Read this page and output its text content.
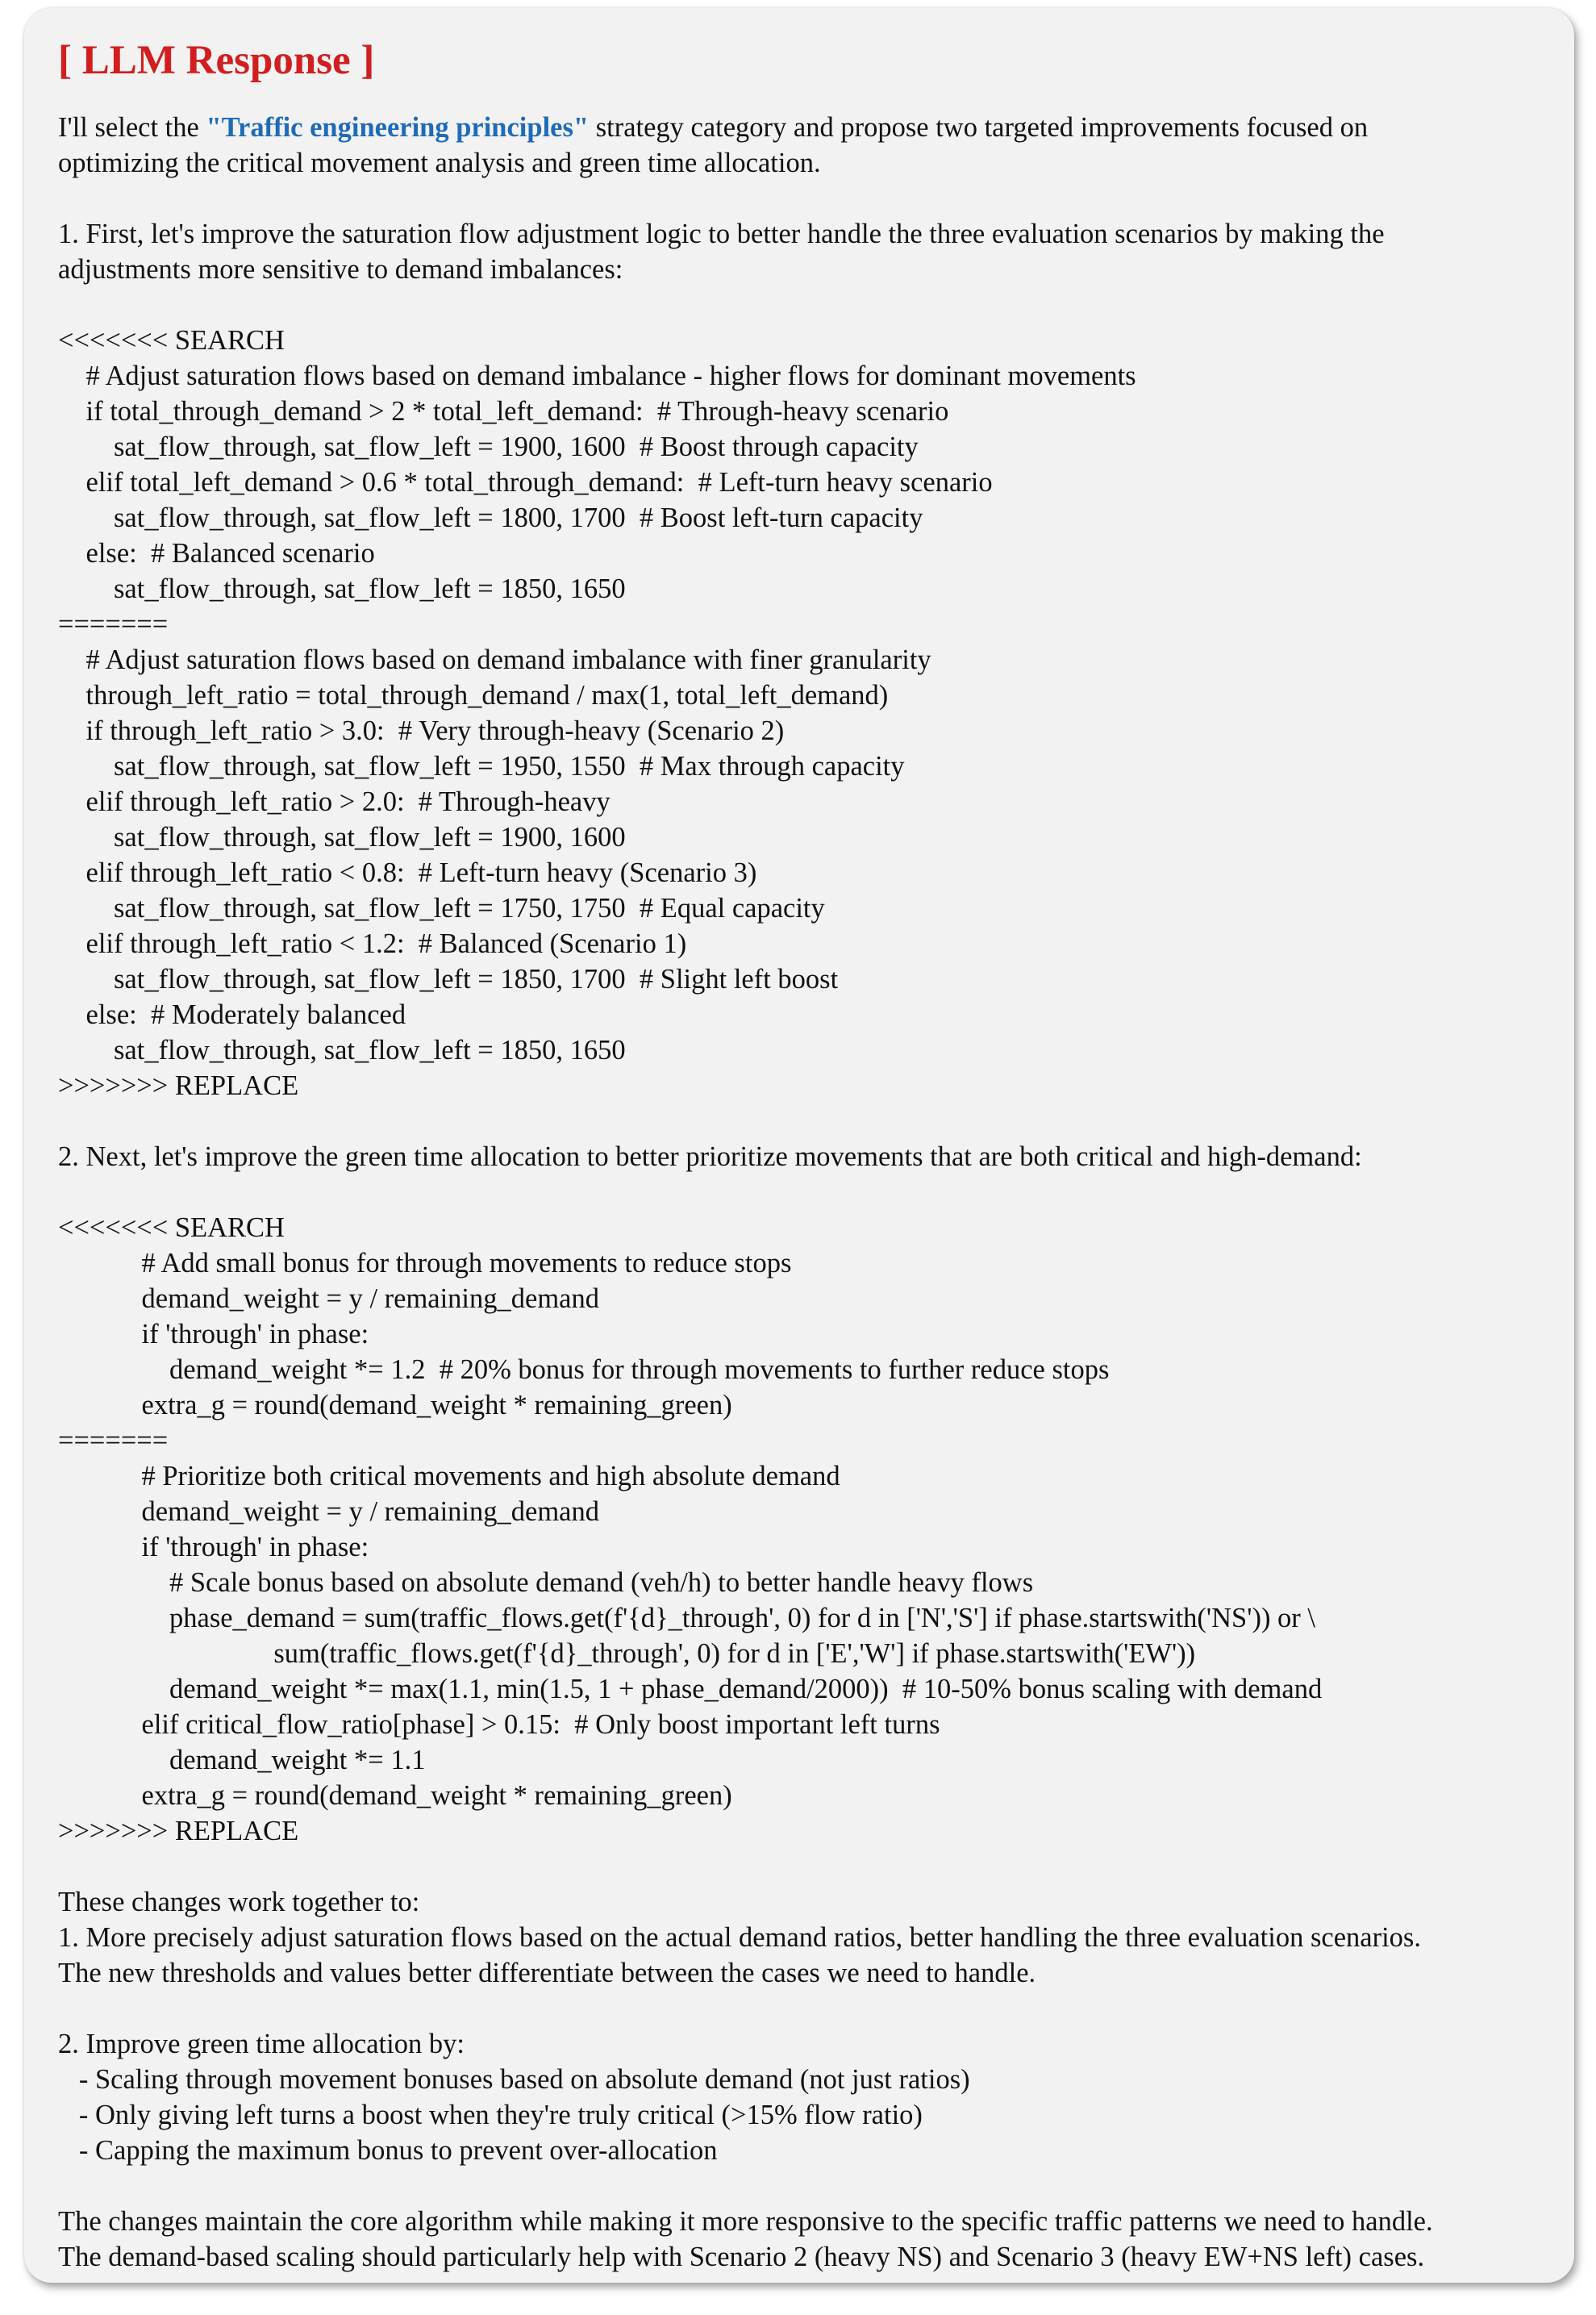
[ LLM Response ]
I'll select the "Traffic engineering principles" strategy category and propose two targeted improvements focused on
optimizing the critical movement analysis and green time allocation.
1. First, let's improve the saturation flow adjustment logic to better handle the three evaluation scenarios by making the
adjustments more sensitive to demand imbalances:
<<<<<<< SEARCH
# Adjust saturation flows based on demand imbalance - higher flows for dominant movements
if total_through_demand > 2 * total_left_demand:  # Through-heavy scenario
sat_flow_through, sat_flow_left = 1900, 1600  # Boost through capacity
elif total_left_demand > 0.6 * total_through_demand:  # Left-turn heavy scenario
sat_flow_through, sat_flow_left = 1800, 1700  # Boost left-turn capacity
else:  # Balanced scenario
sat_flow_through, sat_flow_left = 1850, 1650
=======
# Adjust saturation flows based on demand imbalance with finer granularity
through_left_ratio = total_through_demand / max(1, total_left_demand)
if through_left_ratio > 3.0:  # Very through-heavy (Scenario 2)
sat_flow_through, sat_flow_left = 1950, 1550  # Max through capacity
elif through_left_ratio > 2.0:  # Through-heavy
sat_flow_through, sat_flow_left = 1900, 1600
elif through_left_ratio < 0.8:  # Left-turn heavy (Scenario 3)
sat_flow_through, sat_flow_left = 1750, 1750  # Equal capacity
elif through_left_ratio < 1.2:  # Balanced (Scenario 1)
sat_flow_through, sat_flow_left = 1850, 1700  # Slight left boost
else:  # Moderately balanced
sat_flow_through, sat_flow_left = 1850, 1650
>>>>>>> REPLACE
2. Next, let's improve the green time allocation to better prioritize movements that are both critical and high-demand:
<<<<<<< SEARCH
# Add small bonus for through movements to reduce stops
demand_weight = y / remaining_demand
if 'through' in phase:
demand_weight *= 1.2  # 20% bonus for through movements to further reduce stops
extra_g = round(demand_weight * remaining_green)
=======
# Prioritize both critical movements and high absolute demand
demand_weight = y / remaining_demand
if 'through' in phase:
# Scale bonus based on absolute demand (veh/h) to better handle heavy flows
phase_demand = sum(traffic_flows.get(f'{d}_through', 0) for d in ['N','S'] if phase.startswith('NS')) or \
sum(traffic_flows.get(f'{d}_through', 0) for d in ['E','W'] if phase.startswith('EW'))
demand_weight *= max(1.1, min(1.5, 1 + phase_demand/2000))  # 10-50% bonus scaling with demand
elif critical_flow_ratio[phase] > 0.15:  # Only boost important left turns
demand_weight *= 1.1
extra_g = round(demand_weight * remaining_green)
>>>>>>> REPLACE
These changes work together to:
1. More precisely adjust saturation flows based on the actual demand ratios, better handling the three evaluation scenarios.
The new thresholds and values better differentiate between the cases we need to handle.
2. Improve green time allocation by:
- Scaling through movement bonuses based on absolute demand (not just ratios)
- Only giving left turns a boost when they're truly critical (>15% flow ratio)
- Capping the maximum bonus to prevent over-allocation
The changes maintain the core algorithm while making it more responsive to the specific traffic patterns we need to handle.
The demand-based scaling should particularly help with Scenario 2 (heavy NS) and Scenario 3 (heavy EW+NS left) cases.
